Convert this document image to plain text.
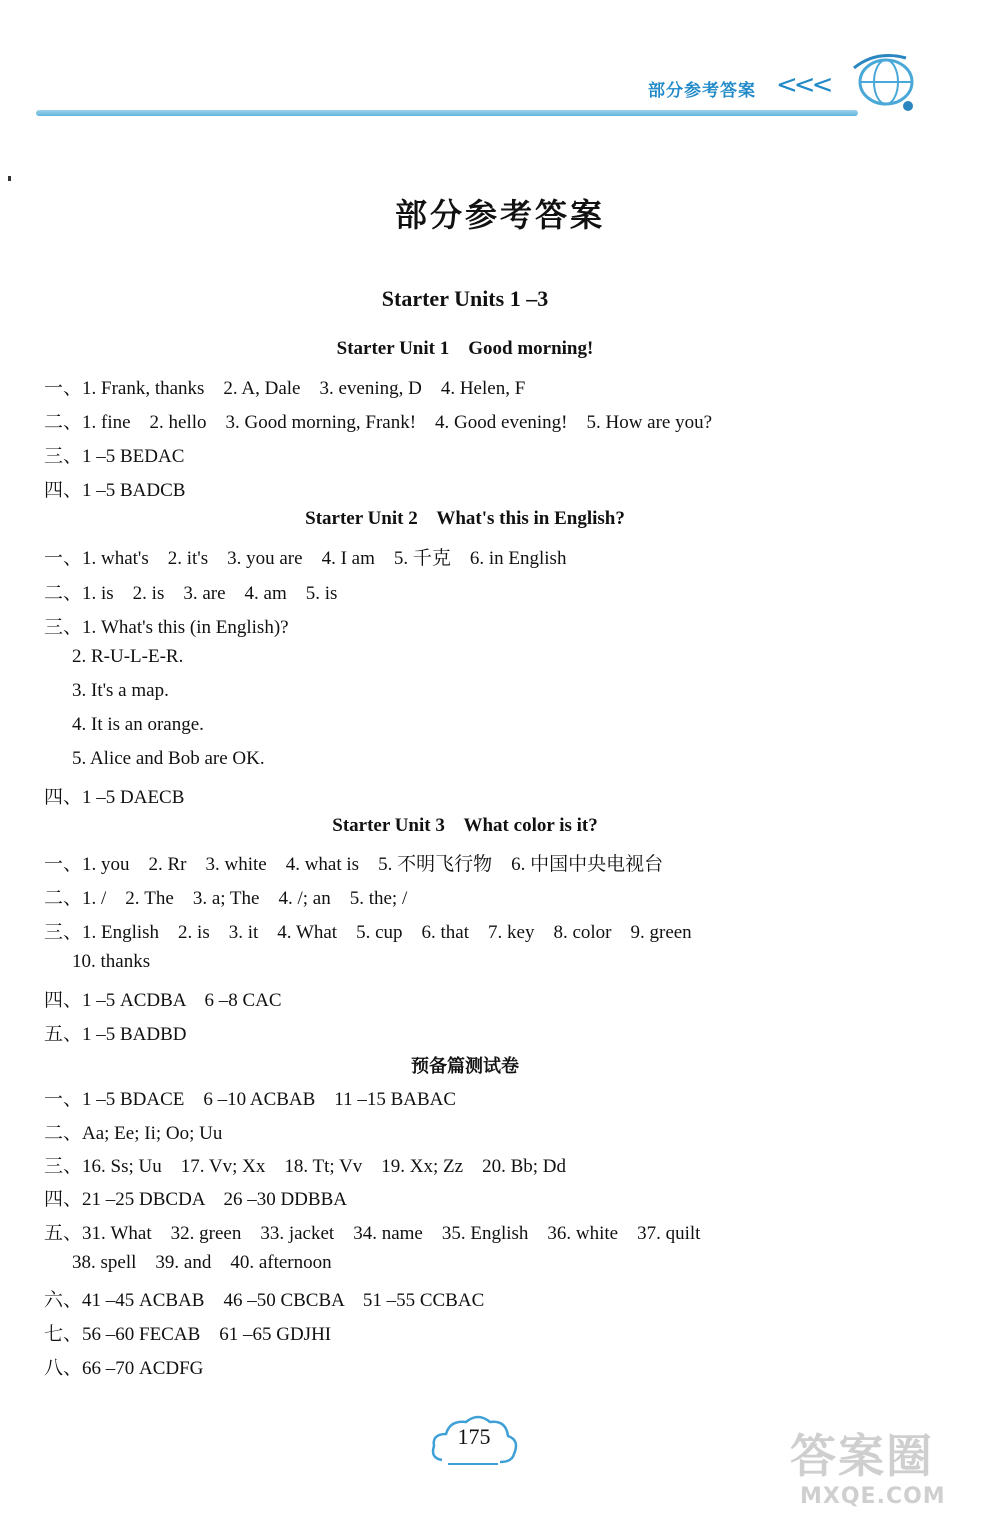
部分参考答案 <<<
部分参考答案
Starter Units 1 –3
Starter Unit 1    Good morning!
一、1. Frank, thanks    2. A, Dale    3. evening, D    4. Helen, F
二、1. fine    2. hello    3. Good morning, Frank!    4. Good evening!    5. How are you?
三、1 –5 BEDAC
四、1 –5 BADCB
Starter Unit 2    What's this in English?
一、1. what's    2. it's    3. you are    4. I am    5. 千克    6. in English
二、1. is    2. is    3. are    4. am    5. is
三、1. What's this (in English)?
2. R-U-L-E-R.
3. It's a map.
4. It is an orange.
5. Alice and Bob are OK.
四、1 –5 DAECB
Starter Unit 3    What color is it?
一、1. you    2. Rr    3. white    4. what is    5. 不明飞行物    6. 中国中央电视台
二、1. /    2. The    3. a; The    4. /; an    5. the; /
三、1. English    2. is    3. it    4. What    5. cup    6. that    7. key    8. color    9. green
10. thanks
四、1 –5 ACDBA    6 –8 CAC
五、1 –5 BADBD
预备篇测试卷
一、1 –5 BDACE    6 –10 ACBAB    11 –15 BABAC
二、Aa; Ee; Ii; Oo; Uu
三、16. Ss; Uu    17. Vv; Xx    18. Tt; Vv    19. Xx; Zz    20. Bb; Dd
四、21 –25 DBCDA    26 –30 DDBBA
五、31. What    32. green    33. jacket    34. name    35. English    36. white    37. quilt
38. spell    39. and    40. afternoon
六、41 –45 ACBAB    46 –50 CBCBA    51 –55 CCBAC
七、56 –60 FECAB    61 –65 GDJHI
八、66 –70 ACDFG
175	答案圈
MXQE.COM
